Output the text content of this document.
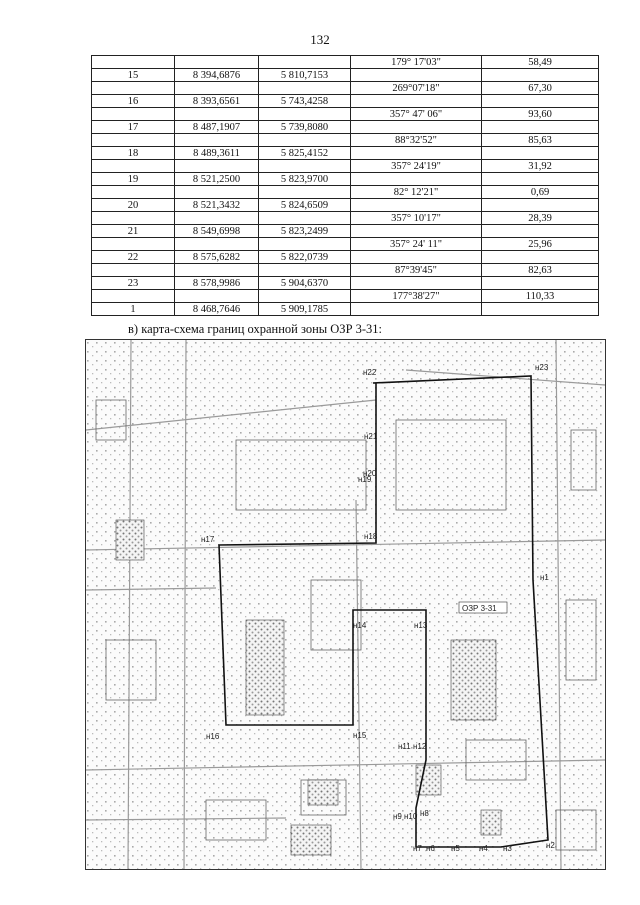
132
			179° 17'03"	58,49
15	8 394,6876	5 810,7153		
			269°07'18"	67,30
16	8 393,6561	5 743,4258		
			357° 47' 06"	93,60
17	8 487,1907	5 739,8080		
			88°32'52"	85,63
18	8 489,3611	5 825,4152		
			357° 24'19"	31,92
19	8 521,2500	5 823,9700		
			82° 12'21"	0,69
20	8 521,3432	5 824,6509		
			357° 10'17"	28,39
21	8 549,6998	5 823,2499		
			357° 24' 11"	25,96
22	8 575,6282	5 822,0739		
			87°39'45"	82,63
23	8 578,9986	5 904,6370		
			177°38'27"	110,33
1	8 468,7646	5 909,1785		
в) карта-схема границ охранной зоны ОЗР 3-31:
ОЗР 3-31
н23
н22
н21
н20
н19
н18
н17
н16	н15
н14	н13
н12
н11
н10
н9 н8
н7 н6 н5 н4 н3	н2
н1
